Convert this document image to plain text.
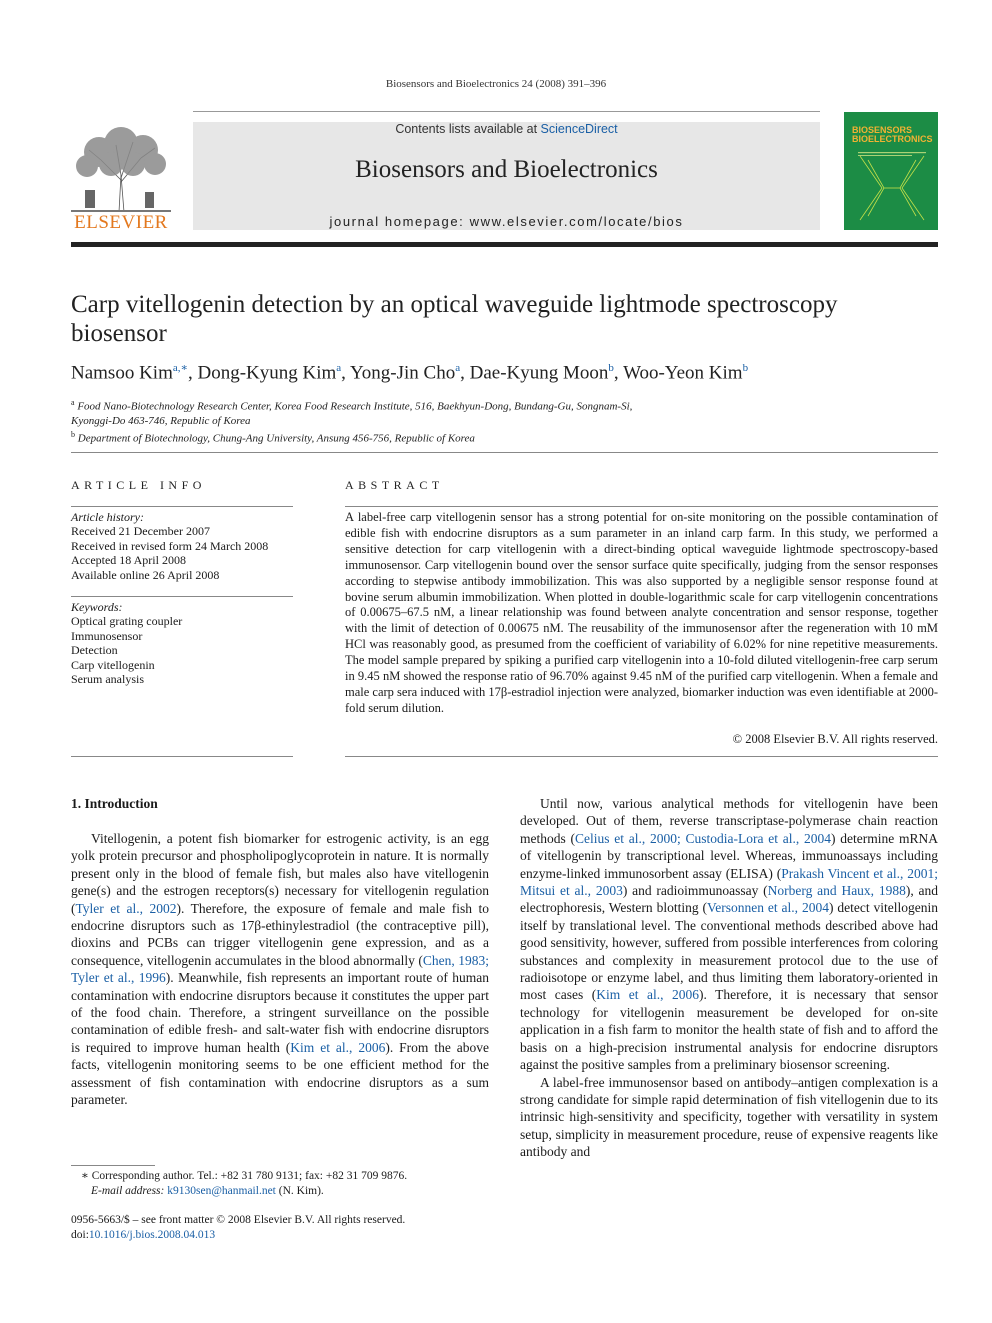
Biosensors and Bioelectronics 24 (2008) 391–396
ELSEVIER
Contents lists available at ScienceDirect
Biosensors and Bioelectronics
journal homepage: www.elsevier.com/locate/bios
BIOSENSORS
BIOELECTRONICS
Carp vitellogenin detection by an optical waveguide lightmode spectroscopy
biosensor
Namsoo Kim$^{a,∗}$, Dong-Kyung Kim$^a$, Yong-Jin Cho$^a$, Dae-Kyung Moon$^b$, Woo-Yeon Kim$^b$
$^a$ Food Nano-Biotechnology Research Center, Korea Food Research Institute, 516, Baekhyun-Dong, Bundang-Gu, Songnam-Si,
Kyonggi-Do 463-746, Republic of Korea
$^b$ Department of Biotechnology, Chung-Ang University, Ansung 456-756, Republic of Korea
ARTICLE INFO
Article history:
Received 21 December 2007
Received in revised form 24 March 2008
Accepted 18 April 2008
Available online 26 April 2008
Keywords:
Optical grating coupler
Immunosensor
Detection
Carp vitellogenin
Serum analysis
ABSTRACT
A label-free carp vitellogenin sensor has a strong potential for on-site monitoring on the possible contamination of edible fish with endocrine disruptors as a sum parameter in an inland carp farm. In this study, we performed a sensitive detection for carp vitellogenin with a direct-binding optical waveguide lightmode spectroscopy-based immunosensor. Carp vitellogenin bound over the sensor surface quite specifically, judging from the sensor responses according to stepwise antibody immobilization. This was also supported by a negligible sensor response found at bovine serum albumin immobilization. When plotted in double-logarithmic scale for carp vitellogenin concentrations of 0.00675–67.5 nM, a linear relationship was found between analyte concentration and sensor response, together with the limit of detection of 0.00675 nM. The reusability of the immunosensor after the regeneration with 10 mM HCl was reasonably good, as presumed from the coefficient of variability of 6.02% for nine repetitive measurements. The model sample prepared by spiking a purified carp vitellogenin into a 10-fold diluted vitellogenin-free carp serum in 9.45 nM showed the response ratio of 96.70% against 9.45 nM of the purified carp vitellogenin. When a female and male carp sera induced with 17β-estradiol injection were analyzed, biomarker induction was even identifiable at 2000-fold serum dilution.
© 2008 Elsevier B.V. All rights reserved.
1. Introduction

Vitellogenin, a potent fish biomarker for estrogenic activity, is an egg yolk protein precursor and phospholipoglycoprotein in nature. It is normally present only in the blood of female fish, but males also have vitellogenin gene(s) and the estrogen receptors(s) necessary for vitellogenin regulation (Tyler et al., 2002). Therefore, the exposure of female and male fish to endocrine disruptors such as 17β-ethinylestradiol (the contraceptive pill), dioxins and PCBs can trigger vitellogenin gene expression, and as a consequence, vitellogenin accumulates in the blood abnormally (Chen, 1983; Tyler et al., 1996). Meanwhile, fish represents an important route of human contamination with endocrine disruptors because it constitutes the upper part of the food chain. Therefore, a stringent surveillance on the possible contamination of edible fresh- and salt-water fish with endocrine disruptors is required to improve human health (Kim et al., 2006). From the above facts, vitellogenin monitoring seems to be one efficient method for the assessment of fish contamination with endocrine disruptors as a sum parameter.

Until now, various analytical methods for vitellogenin have been developed. Out of them, reverse transcriptase-polymerase chain reaction methods (Celius et al., 2000; Custodia-Lora et al., 2004) determine mRNA of vitellogenin by transcriptional level. Whereas, immunoassays including enzyme-linked immunosorbent assay (ELISA) (Prakash Vincent et al., 2001; Mitsui et al., 2003) and radioimmunoassay (Norberg and Haux, 1988), and electrophoresis, Western blotting (Versonnen et al., 2004) detect vitellogenin itself by translational level. The conventional methods described above had good sensitivity, however, suffered from possible interferences from coloring substances and complexity in measurement protocol due to the use of radioisotope or enzyme label, and thus limiting them laboratory-oriented in most cases (Kim et al., 2006). Therefore, it is necessary that sensor technology for vitellogenin measurement be developed for on-site application in a fish farm to monitor the health state of fish and to afford the basis on a high-precision instrumental analysis for endocrine disruptors against the positive samples from a preliminary biosensor screening.

A label-free immunosensor based on antibody–antigen complexation is a strong candidate for simple rapid determination of fish vitellogenin due to its intrinsic high-sensitivity and specificity, together with versatility in system setup, simplicity in measurement procedure, reuse of expensive reagents like antibody and

∗ Corresponding author. Tel.: +82 31 780 9131; fax: +82 31 709 9876.
E-mail address: k9130sen@hanmail.net (N. Kim).
0956-5663/$ – see front matter © 2008 Elsevier B.V. All rights reserved.
doi:10.1016/j.bios.2008.04.013
